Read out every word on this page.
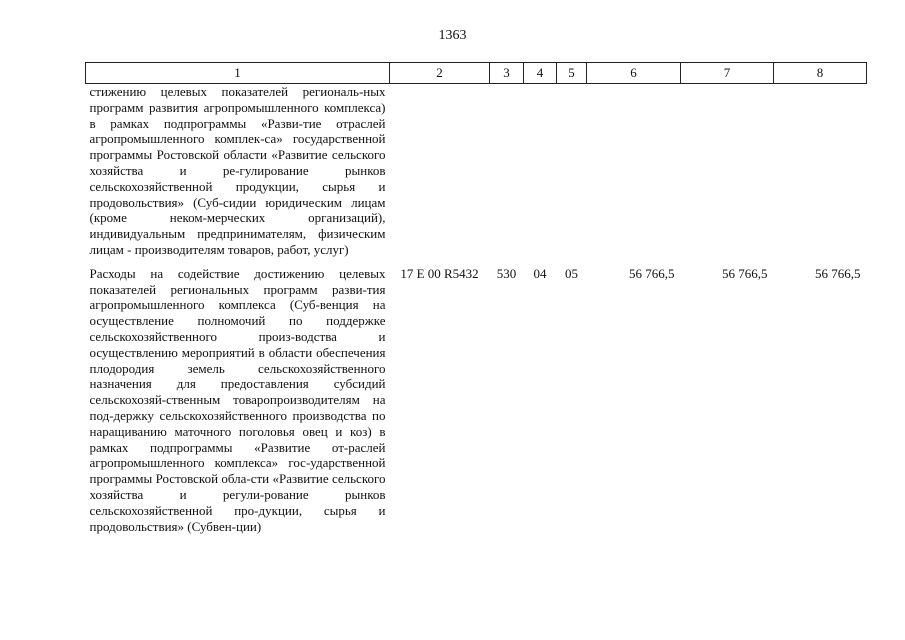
1363
1	2	3	4	5	6	7	8
стижению целевых показателей региональ-ных программ развития агропромышленного комплекса) в рамках подпрограммы «Разви-тие отраслей агропромышленного комплек-са» государственной программы Ростовской области «Развитие сельского хозяйства и ре-гулирование рынков сельскохозяйственной продукции, сырья и продовольствия» (Суб-сидии юридическим лицам (кроме неком-мерческих организаций), индивидуальным предпринимателям, физическим лицам - производителям товаров, работ, услуг)							
Расходы на содействие достижению целевых показателей региональных программ разви-тия агропромышленного комплекса (Суб-венция на осуществление полномочий по поддержке сельскохозяйственного произ-водства и осуществлению мероприятий в области обеспечения плодородия земель сельскохозяйственного назначения для предоставления субсидий сельскохозяй-ственным товаропроизводителям на под-держку сельскохозяйственного производства по наращиванию маточного поголовья овец и коз) в рамках подпрограммы «Развитие от-раслей агропромышленного комплекса» гос-ударственной программы Ростовской обла-сти «Развитие сельского хозяйства и регули-рование рынков сельскохозяйственной про-дукции, сырья и продовольствия» (Субвен-ции)	17 Е 00 R5432	530	04	05	56 766,5	56 766,5	56 766,5
